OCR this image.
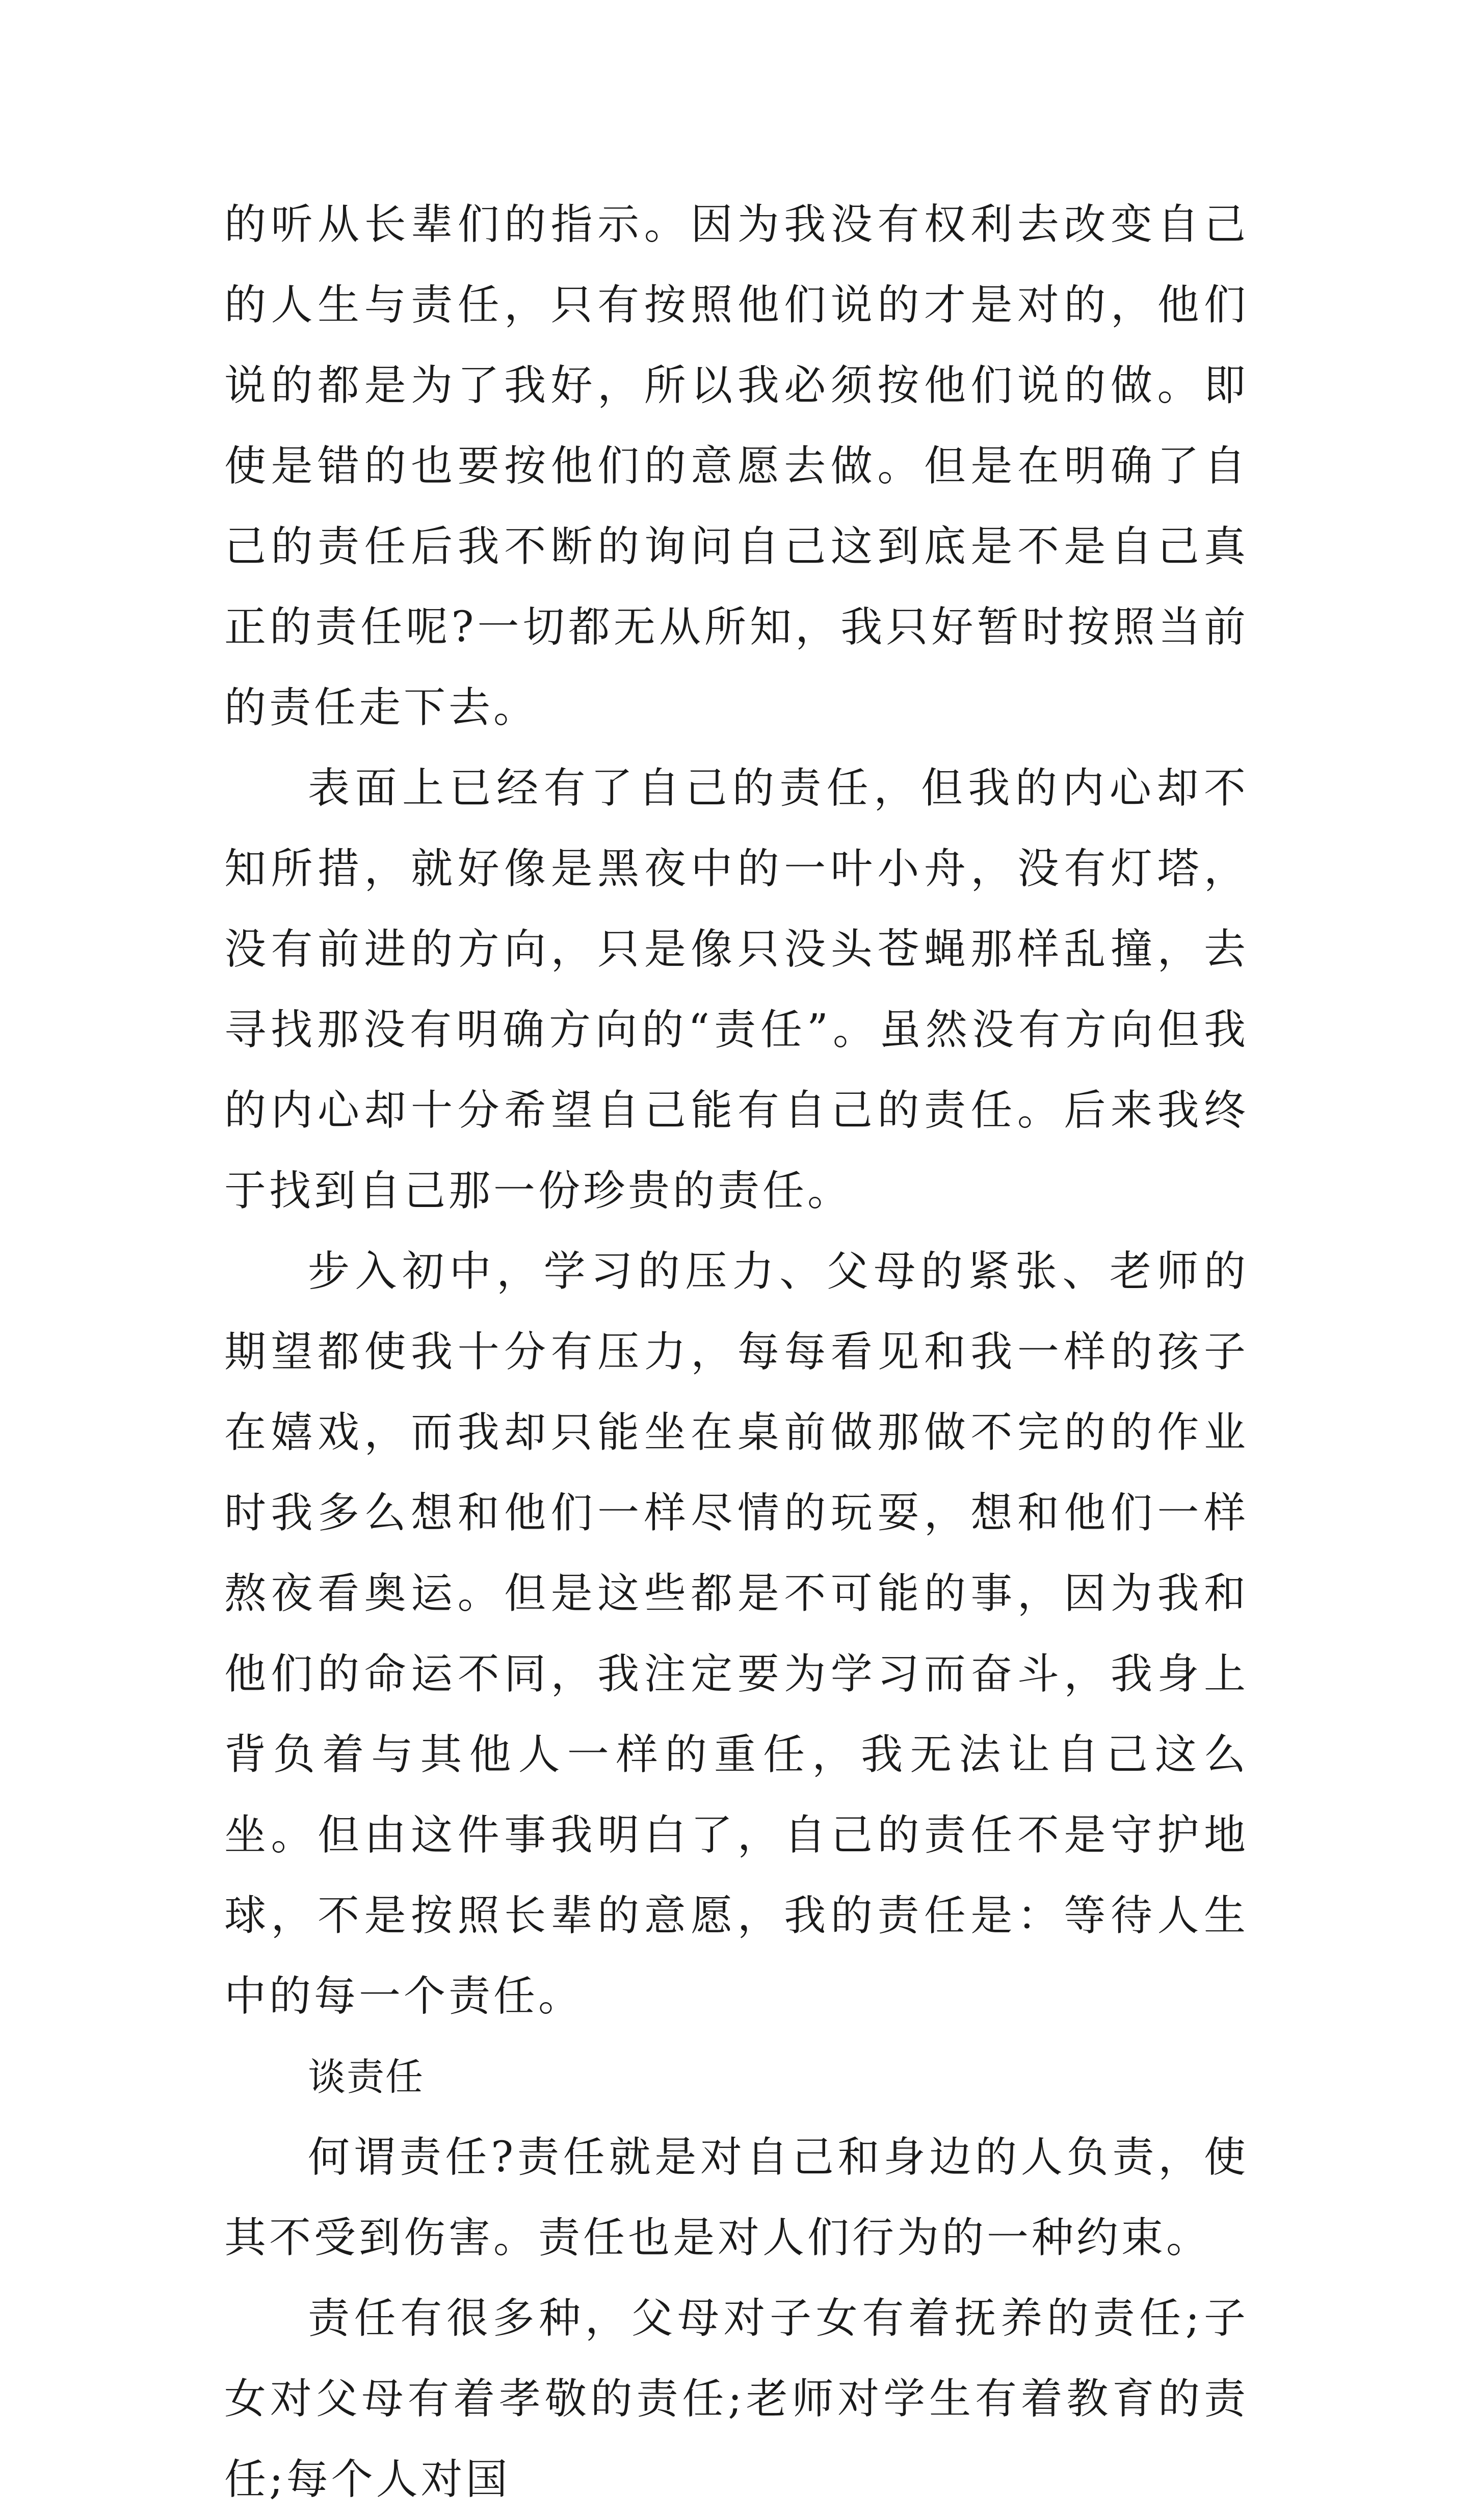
的听从长辈们的指示。因为我没有权利去改变自己的人生与责任，只有按照他们说的才是对的，他们说的都是为了我好，所以我必须按他们说的做。即使是错的也要按他们的意愿去做。但是在明确了自己的责任后我不断的询问自己这到底是不是自己真正的责任呢?一切都无从所知，我只好暂时按照当前的责任走下去。

表面上已经有了自己的责任，但我的内心却不知所措，就好像是黑夜中的一叶小舟，没有灯塔，没有前进的方向，只是像只没头苍蝇那样乱撞，去寻找那没有明确方向的“责任”。虽然没有方向但我的内心却十分希望自己能有自己的责任。后来我终于找到自己那一份珍贵的责任。

步入初中，学习的压力、父母的紧张、老师的期望都使我十分有压力，每每看见和我一样的孩子在嬉戏，而我却只能坐在桌前做那做不完的的作业时我多么想和他们一样尽情的玩耍，想和他们一样熬夜看奥运。但是这些都是不可能的事，因为我和他们的命运不同，我注定要为学习而奋斗，我身上背负着与其他人一样的重任，我无法让自己这么坐。但由这件事我明白了，自己的责任不是守护地球，不是按照长辈的意愿，我的责任是：等待人生中的每一个责任。

谈责任

何谓责任?责任就是对自己和身边的人负责，使其不受到伤害。责任也是对人们行为的一种约束。

责任有很多种，父母对子女有着抚养的责任;子女对父母有着孝敬的责任;老师对学生有着教育的责任;每个人对国
